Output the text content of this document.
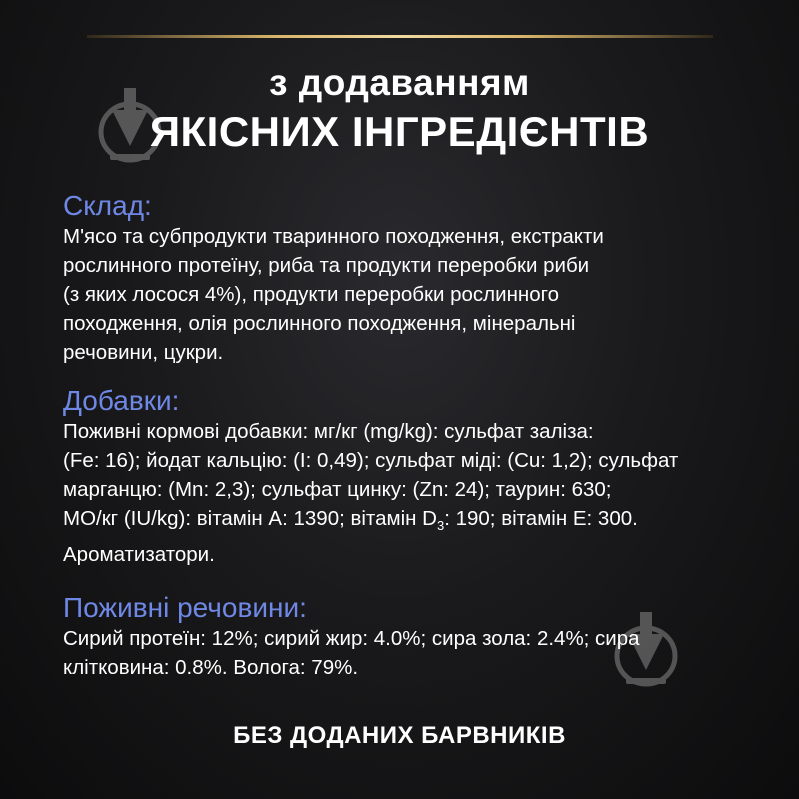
з додаванням
ЯКІСНИХ ІНГРЕДІЄНТІВ

Склад:

М'ясо та субпродукти тваринного походження, екстракти
рослинного протеїну, риба та продукти переробки риби
(з яких лосося 4%), продукти переробки рослинного
походження, олія рослинного походження, мінеральні
речовини, цукри.

Добавки:

Поживні кормові добавки: мг/кг (mg/kg): сульфат заліза:
(Fe: 16); йодат кальцію: (I: 0,49); сульфат міді: (Cu: 1,2); сульфат
марганцю: (Mn: 2,3); сульфат цинку: (Zn: 24); таурин: 630;
МО/кг (IU/kg): вітамін А: 1390; вітамін $D_3$: 190; вітамін Е: 300.
Ароматизатори.

Поживні речовини:

Сирий протеїн: 12%; сирий жир: 4.0%; сира зола: 2.4%; сира
клітковина: 0.8%. Волога: 79%.

БЕЗ ДОДАНИХ БАРВНИКІВ
